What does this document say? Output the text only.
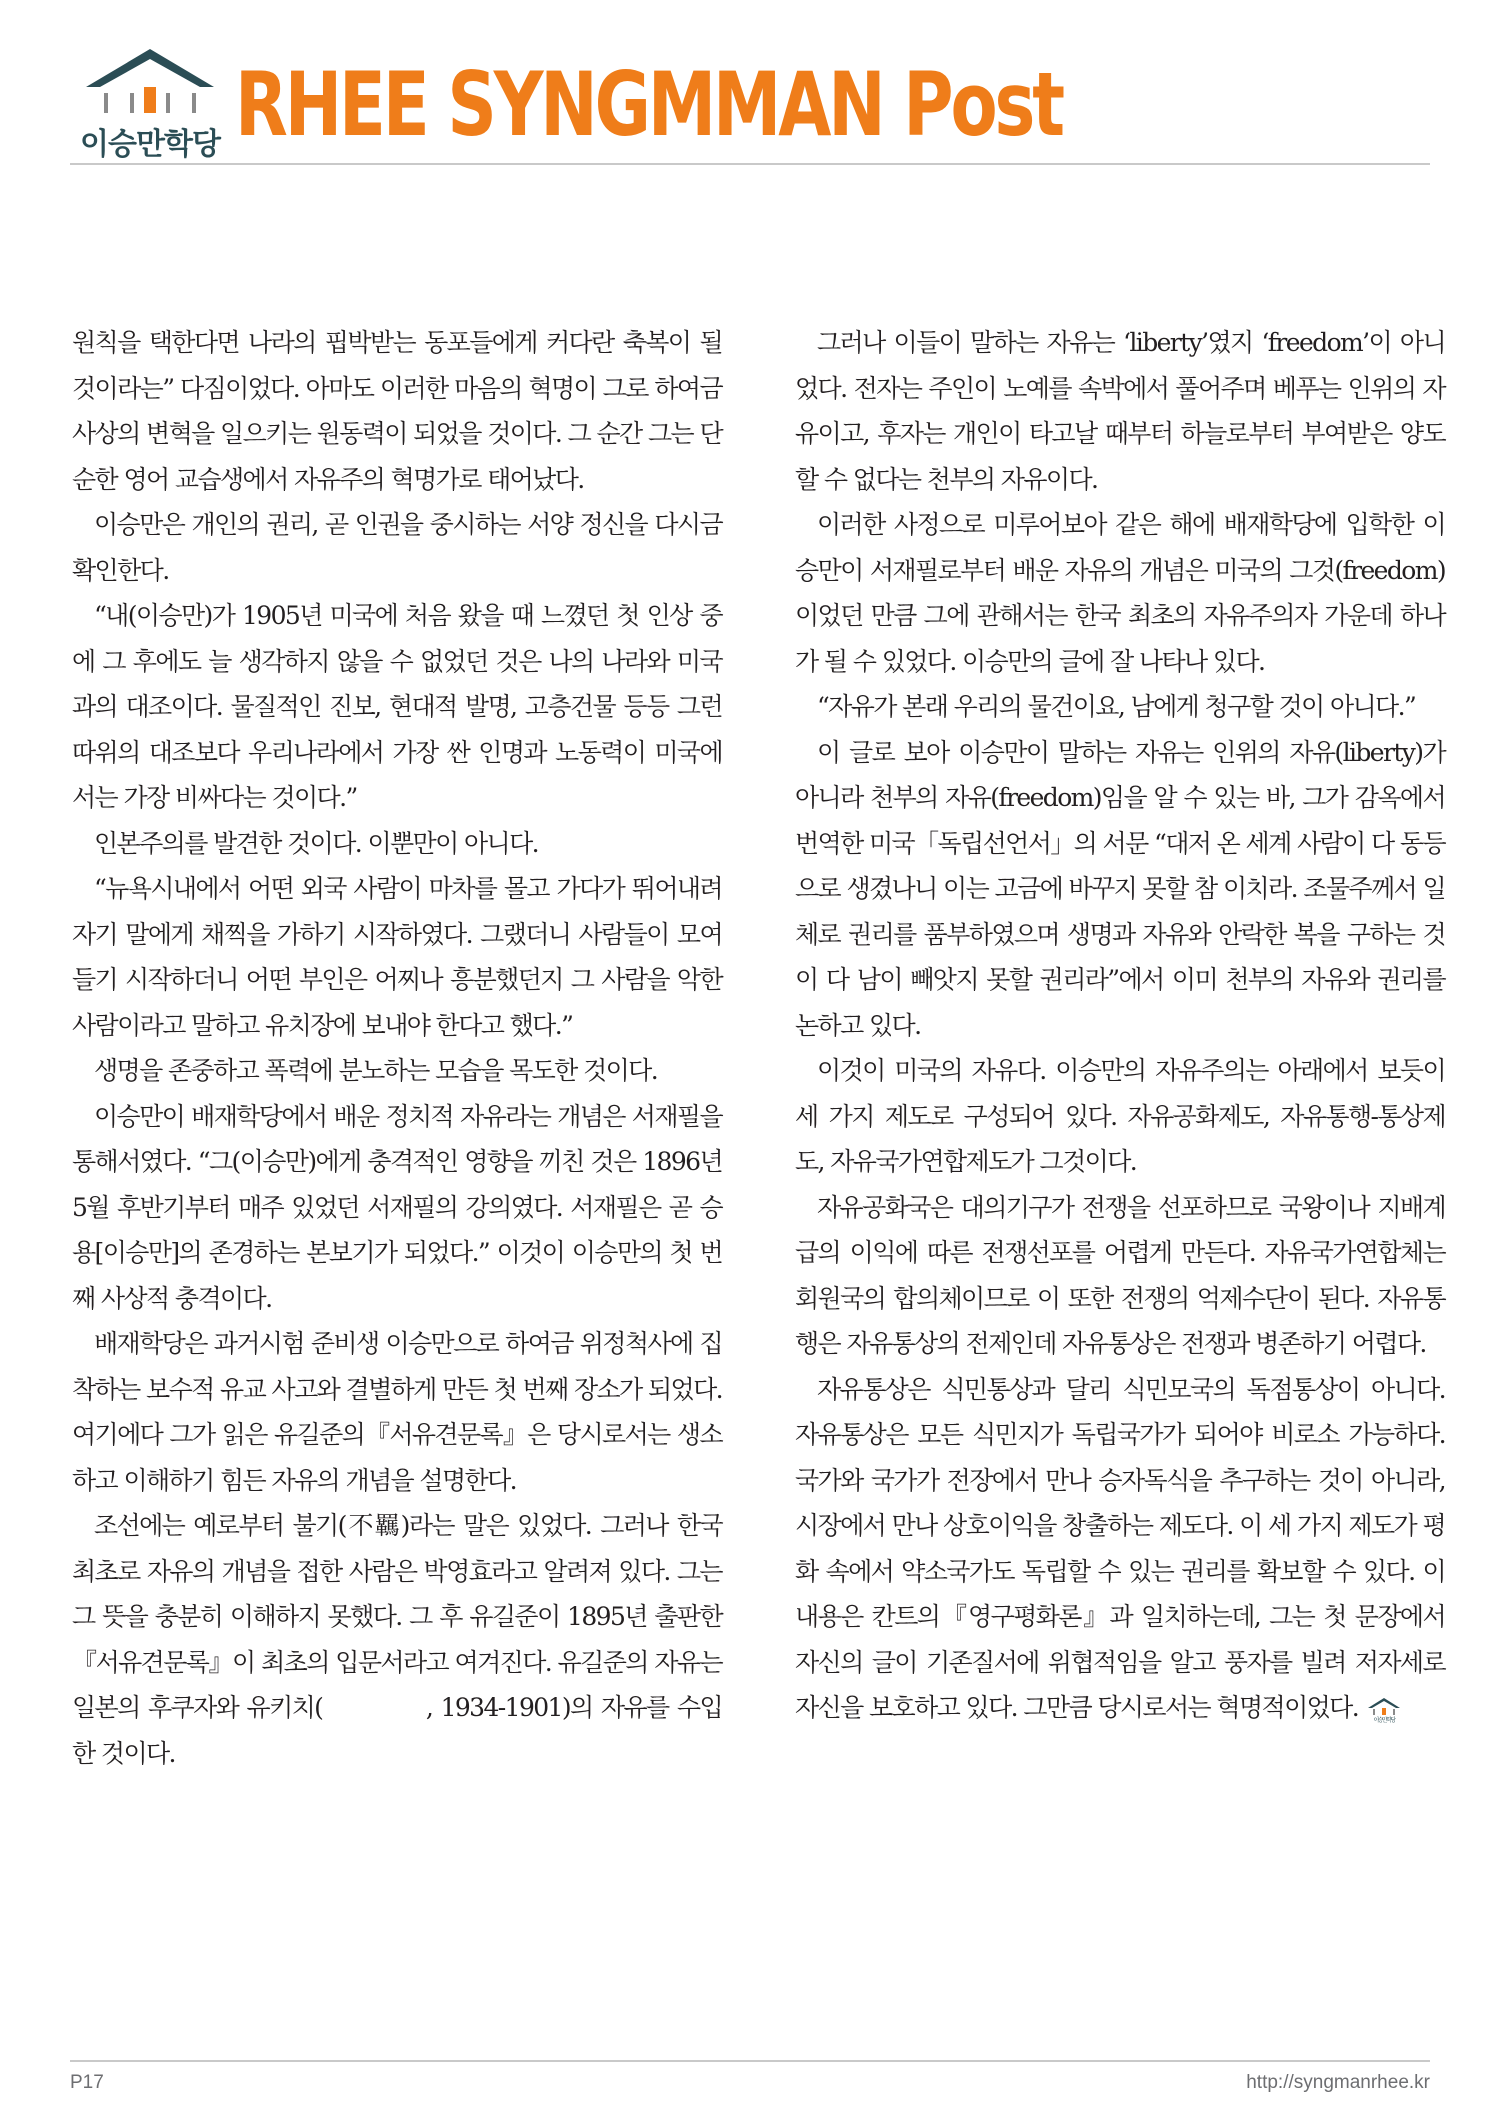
이승만학당 RHEE SYNGMMAN Post

원칙을 택한다면 나라의 핍박받는 동포들에게 커다란 축복이 될 것이라는” 다짐이었다. 아마도 이러한 마음의 혁명이 그로 하여금 사상의 변혁을 일으키는 원동력이 되었을 것이다. 그 순간 그는 단순한 영어 교습생에서 자유주의 혁명가로 태어났다.

이승만은 개인의 권리, 곧 인권을 중시하는 서양 정신을 다시금 확인한다.

“내(이승만)가 1905년 미국에 처음 왔을 때 느꼈던 첫 인상 중에 그 후에도 늘 생각하지 않을 수 없었던 것은 나의 나라와 미국과의 대조이다. 물질적인 진보, 현대적 발명, 고층건물 등등 그런 따위의 대조보다 우리나라에서 가장 싼 인명과 노동력이 미국에서는 가장 비싸다는 것이다.”

인본주의를 발견한 것이다. 이뿐만이 아니다.

“뉴욕시내에서 어떤 외국 사람이 마차를 몰고 가다가 뛰어내려 자기 말에게 채찍을 가하기 시작하였다. 그랬더니 사람들이 모여들기 시작하더니 어떤 부인은 어찌나 흥분했던지 그 사람을 악한 사람이라고 말하고 유치장에 보내야 한다고 했다.”

생명을 존중하고 폭력에 분노하는 모습을 목도한 것이다.

이승만이 배재학당에서 배운 정치적 자유라는 개념은 서재필을 통해서였다. “그(이승만)에게 충격적인 영향을 끼친 것은 1896년 5월 후반기부터 매주 있었던 서재필의 강의였다. 서재필은 곧 승용[이승만]의 존경하는 본보기가 되었다.” 이것이 이승만의 첫 번째 사상적 충격이다.

배재학당은 과거시험 준비생 이승만으로 하여금 위정척사에 집착하는 보수적 유교 사고와 결별하게 만든 첫 번째 장소가 되었다. 여기에다 그가 읽은 유길준의『서유견문록』은 당시로서는 생소하고 이해하기 힘든 자유의 개념을 설명한다.

조선에는 예로부터 불기(不羈)라는 말은 있었다. 그러나 한국 최초로 자유의 개념을 접한 사람은 박영효라고 알려져 있다. 그는 그 뜻을 충분히 이해하지 못했다. 그 후 유길준이 1895년 출판한『서유견문록』이 최초의 입문서라고 여겨진다. 유길준의 자유는 일본의 후쿠자와 유키치(　　　　, 1934-1901)의 자유를 수입한 것이다.

그러나 이들이 말하는 자유는 ‘liberty’였지 ‘freedom’이 아니었다. 전자는 주인이 노예를 속박에서 풀어주며 베푸는 인위의 자유이고, 후자는 개인이 타고날 때부터 하늘로부터 부여받은 양도할 수 없다는 천부의 자유이다.

이러한 사정으로 미루어보아 같은 해에 배재학당에 입학한 이승만이 서재필로부터 배운 자유의 개념은 미국의 그것(freedom)이었던 만큼 그에 관해서는 한국 최초의 자유주의자 가운데 하나가 될 수 있었다. 이승만의 글에 잘 나타나 있다.

“자유가 본래 우리의 물건이요, 남에게 청구할 것이 아니다.”

이 글로 보아 이승만이 말하는 자유는 인위의 자유(liberty)가 아니라 천부의 자유(freedom)임을 알 수 있는 바, 그가 감옥에서 번역한 미국「독립선언서」의 서문 “대저 온 세계 사람이 다 동등으로 생겼나니 이는 고금에 바꾸지 못할 참 이치라. 조물주께서 일체로 권리를 품부하였으며 생명과 자유와 안락한 복을 구하는 것이 다 남이 빼앗지 못할 권리라”에서 이미 천부의 자유와 권리를 논하고 있다.

이것이 미국의 자유다. 이승만의 자유주의는 아래에서 보듯이 세 가지 제도로 구성되어 있다. 자유공화제도, 자유통행-통상제도, 자유국가연합제도가 그것이다.

자유공화국은 대의기구가 전쟁을 선포하므로 국왕이나 지배계급의 이익에 따른 전쟁선포를 어렵게 만든다. 자유국가연합체는 회원국의 합의체이므로 이 또한 전쟁의 억제수단이 된다. 자유통행은 자유통상의 전제인데 자유통상은 전쟁과 병존하기 어렵다.

자유통상은 식민통상과 달리 식민모국의 독점통상이 아니다. 자유통상은 모든 식민지가 독립국가가 되어야 비로소 가능하다. 국가와 국가가 전장에서 만나 승자독식을 추구하는 것이 아니라, 시장에서 만나 상호이익을 창출하는 제도다. 이 세 가지 제도가 평화 속에서 약소국가도 독립할 수 있는 권리를 확보할 수 있다. 이 내용은 칸트의『영구평화론』과 일치하는데, 그는 첫 문장에서 자신의 글이 기존질서에 위협적임을 알고 풍자를 빌려 저자세로 자신을 보호하고 있다. 그만큼 당시로서는 혁명적이었다.	이승만학당

P17	http://syngmanrhee.kr
